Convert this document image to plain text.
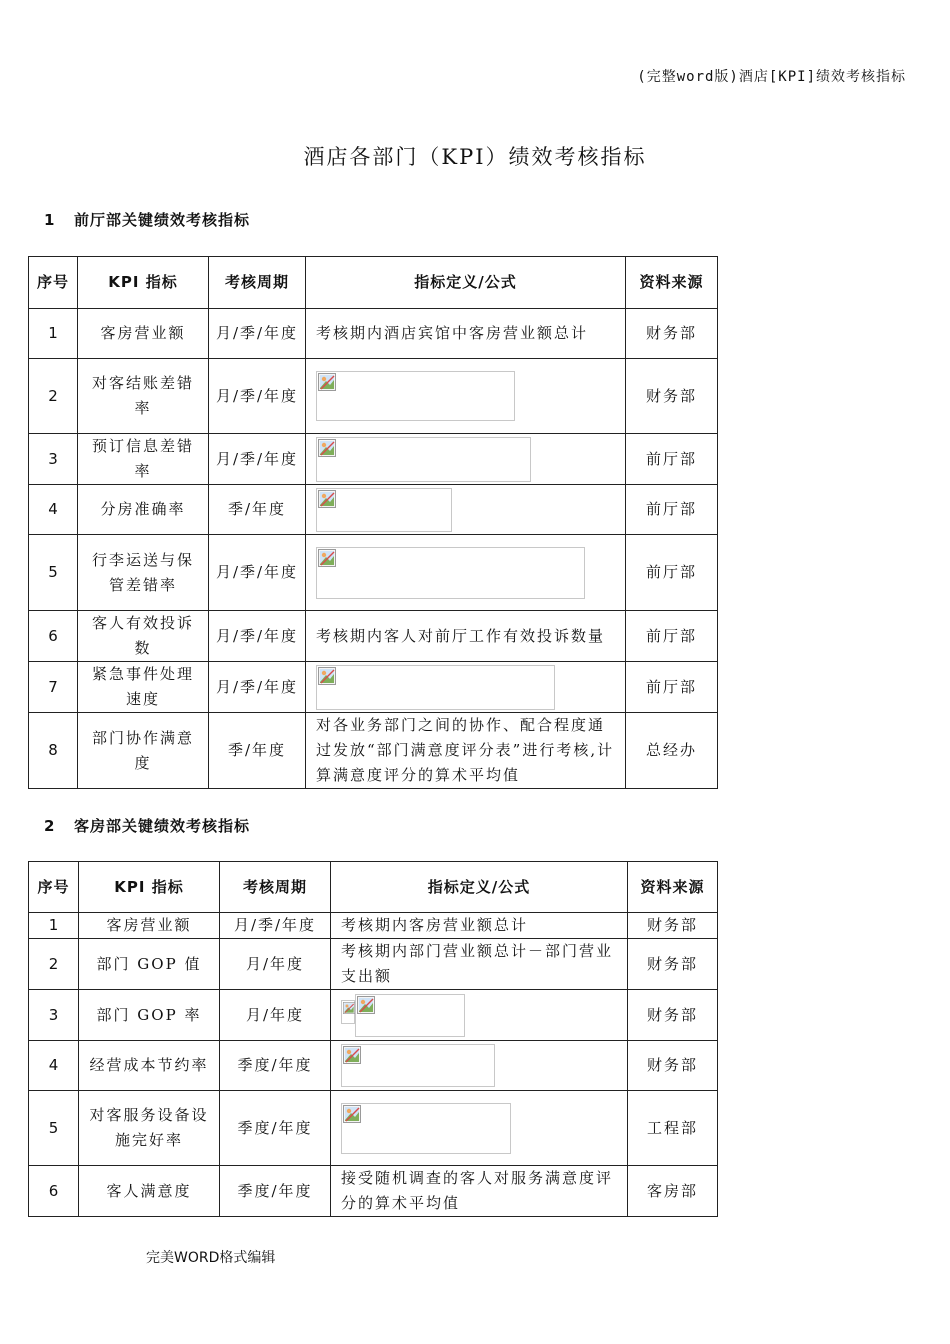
(完整word版)酒店[KPI]绩效考核指标
酒店各部门（KPI）绩效考核指标
1 前厅部关键绩效考核指标
序号	KPI 指标	考核周期	指标定义/公式	资料来源
1	客房营业额	月/季/年度	考核期内酒店宾馆中客房营业额总计	财务部
2	对客结账差错率	月/季/年度		财务部
3	预订信息差错率	月/季/年度		前厅部
4	分房准确率	季/年度		前厅部
5	行李运送与保管差错率	月/季/年度		前厅部
6	客人有效投诉数	月/季/年度	考核期内客人对前厅工作有效投诉数量	前厅部
7	紧急事件处理速度	月/季/年度		前厅部
8	部门协作满意度	季/年度	对各业务部门之间的协作、配合程度通过发放“部门满意度评分表”进行考核,计算满意度评分的算术平均值	总经办
2 客房部关键绩效考核指标
序号	KPI 指标	考核周期	指标定义/公式	资料来源
1	客房营业额	月/季/年度	考核期内客房营业额总计	财务部
2	部门 GOP 值	月/年度	考核期内部门营业额总计－部门营业支出额	财务部
3	部门 GOP 率	月/年度		财务部
4	经营成本节约率	季度/年度		财务部
5	对客服务设备设施完好率	季度/年度		工程部
6	客人满意度	季度/年度	接受随机调查的客人对服务满意度评分的算术平均值	客房部
完美WORD格式编辑
